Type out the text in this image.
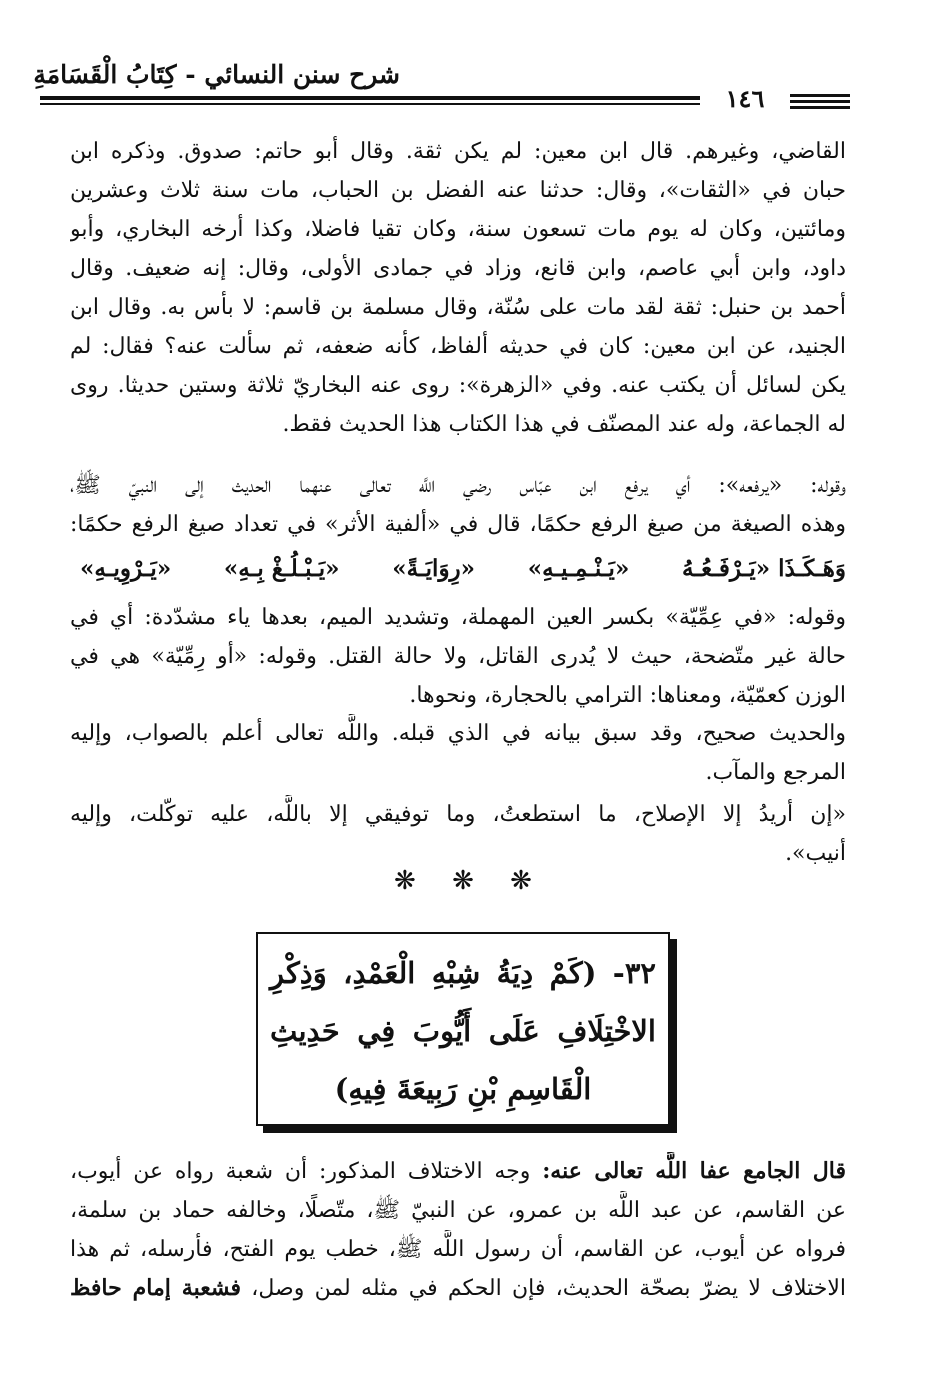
شرح سنن النسائي - كِتَابُ الْقَسَامَةِ
١٤٦
القاضي، وغيرهم. قال ابن معين: لم يكن ثقة. وقال أبو حاتم: صدوق. وذكره ابن
حبان في «الثقات»، وقال: حدثنا عنه الفضل بن الحباب، مات سنة ثلاث وعشرين
ومائتين، وكان له يوم مات تسعون سنة، وكان تقيا فاضلا، وكذا أرخه البخاري، وأبو
داود، وابن أبي عاصم، وابن قانع، وزاد في جمادى الأولى، وقال: إنه ضعيف. وقال
أحمد بن حنبل: ثقة لقد مات على سُنّة، وقال مسلمة بن قاسم: لا بأس به. وقال ابن
الجنيد، عن ابن معين: كان في حديثه ألفاظ، كأنه ضعفه، ثم سألت عنه؟ فقال: لم
يكن لسائل أن يكتب عنه. وفي «الزهرة»: روى عنه البخاريّ ثلاثة وستين حديثا. روى
له الجماعة، وله عند المصنّف في هذا الكتاب هذا الحديث فقط.
وقوله: «يرفعه»: أي يرفع ابن عبّاس رضي اللَّه تعالى عنهما الحديث إلى النبيّ ﷺ،
وهذه الصيغة من صيغ الرفع حكمًا، قال في «ألفية الأثر» في تعداد صيغ الرفع حكمًا:
وَهَـكَـذَا «يَـرْفَـعُـهُ
«يَـنْـمِـيـهِ»
«رِوَايَـةً»
«يَـبْـلُـغْ بِـهِ»
«يَـرْوِيـهِ»
وقوله: «في عِمِّيّة» بكسر العين المهملة، وتشديد الميم، بعدها ياء مشدّدة: أي في
حالة غير متّضحة، حيث لا يُدرى القاتل، ولا حالة القتل. وقوله: «أو رِمِّيّة» هي في
الوزن كعمّيّة، ومعناها: الترامي بالحجارة، ونحوها.
والحديث صحيح، وقد سبق بيانه في الذي قبله. واللَّه تعالى أعلم بالصواب، وإليه
المرجع والمآب.
«إن أريدُ إلا الإصلاح، ما استطعتُ، وما توفيقي إلا باللَّه، عليه توكّلت، وإليه
أنيب».
❋ ❋ ❋
٣٢- (كَمْ دِيَةُ شِبْهِ الْعَمْدِ، وَذِكْرِ
الاخْتِلَافِ عَلَى أَيُّوبَ فِي حَدِيثِ
الْقَاسِمِ بْنِ رَبِيعَةَ فِيهِ)
قال الجامع عفا اللَّه تعالى عنه: وجه الاختلاف المذكور: أن شعبة رواه عن أيوب،
عن القاسم، عن عبد اللَّه بن عمرو، عن النبيّ ﷺ، متّصلًا، وخالفه حماد بن سلمة،
فرواه عن أيوب، عن القاسم، أن رسول اللَّه ﷺ، خطب يوم الفتح، فأرسله، ثم هذا
الاختلاف لا يضرّ بصحّة الحديث، فإن الحكم في مثله لمن وصل، فشعبة إمام حافظ
